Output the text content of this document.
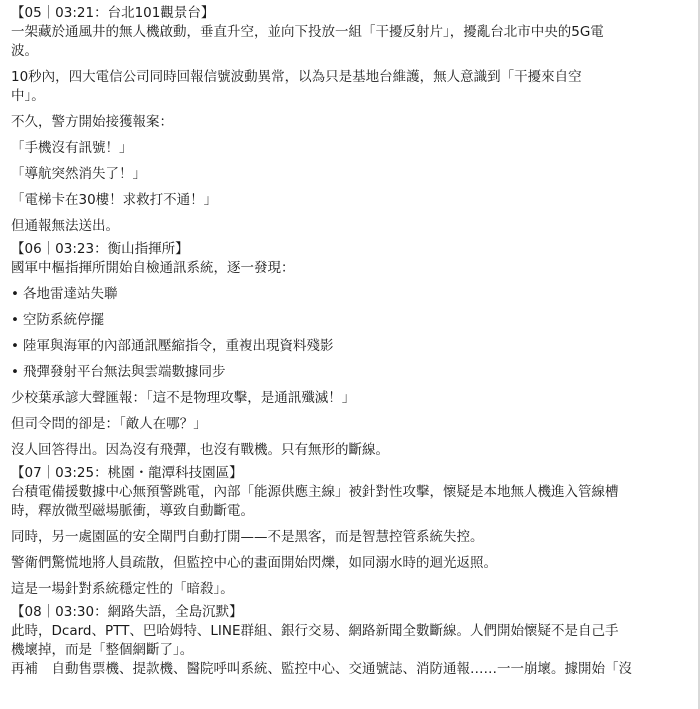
【05｜03:21：台北101觀景台】

一架藏於通風井的無人機啟動，垂直升空，並向下投放一組「干擾反射片」，擾亂台北市中央的5G電

波。

10秒內，四大電信公司同時回報信號波動異常，以為只是基地台維護，無人意識到「干擾來自空

中」。

不久，警方開始接獲報案：

「手機沒有訊號！」

「導航突然消失了！」

「電梯卡在30樓！求救打不通！」

但通報無法送出。

【06｜03:23：衡山指揮所】

國軍中樞指揮所開始自檢通訊系統，逐一發現：

• 各地雷達站失聯

• 空防系統停擺

• 陸軍與海軍的內部通訊壓縮指令，重複出現資料殘影

• 飛彈發射平台無法與雲端數據同步

少校葉承諺大聲匯報：「這不是物理攻擊，是通訊殲滅！」

但司令問的卻是：「敵人在哪？」

沒人回答得出。因為沒有飛彈，也沒有戰機。只有無形的斷線。

【07｜03:25：桃園・龍潭科技園區】

台積電備援數據中心無預警跳電，內部「能源供應主線」被針對性攻擊，懷疑是本地無人機進入管線槽

時，釋放微型磁場脈衝，導致自動斷電。

同時，另一處園區的安全閘門自動打開——不是黑客，而是智慧控管系統失控。

警衛們驚慌地將人員疏散，但監控中心的畫面開始閃爍，如同溺水時的迴光返照。

這是一場針對系統穩定性的「暗殺」。

【08｜03:30：網路失語，全島沉默】

此時，Dcard、PTT、巴哈姆特、LINE群組、銀行交易、網路新聞全數斷線。人們開始懷疑不是自己手

機壞掉，而是「整個網斷了」。

再補　自動售票機、提款機、醫院呼叫系統、監控中心、交通號誌、消防通報……一一崩壞。據開始「沒
